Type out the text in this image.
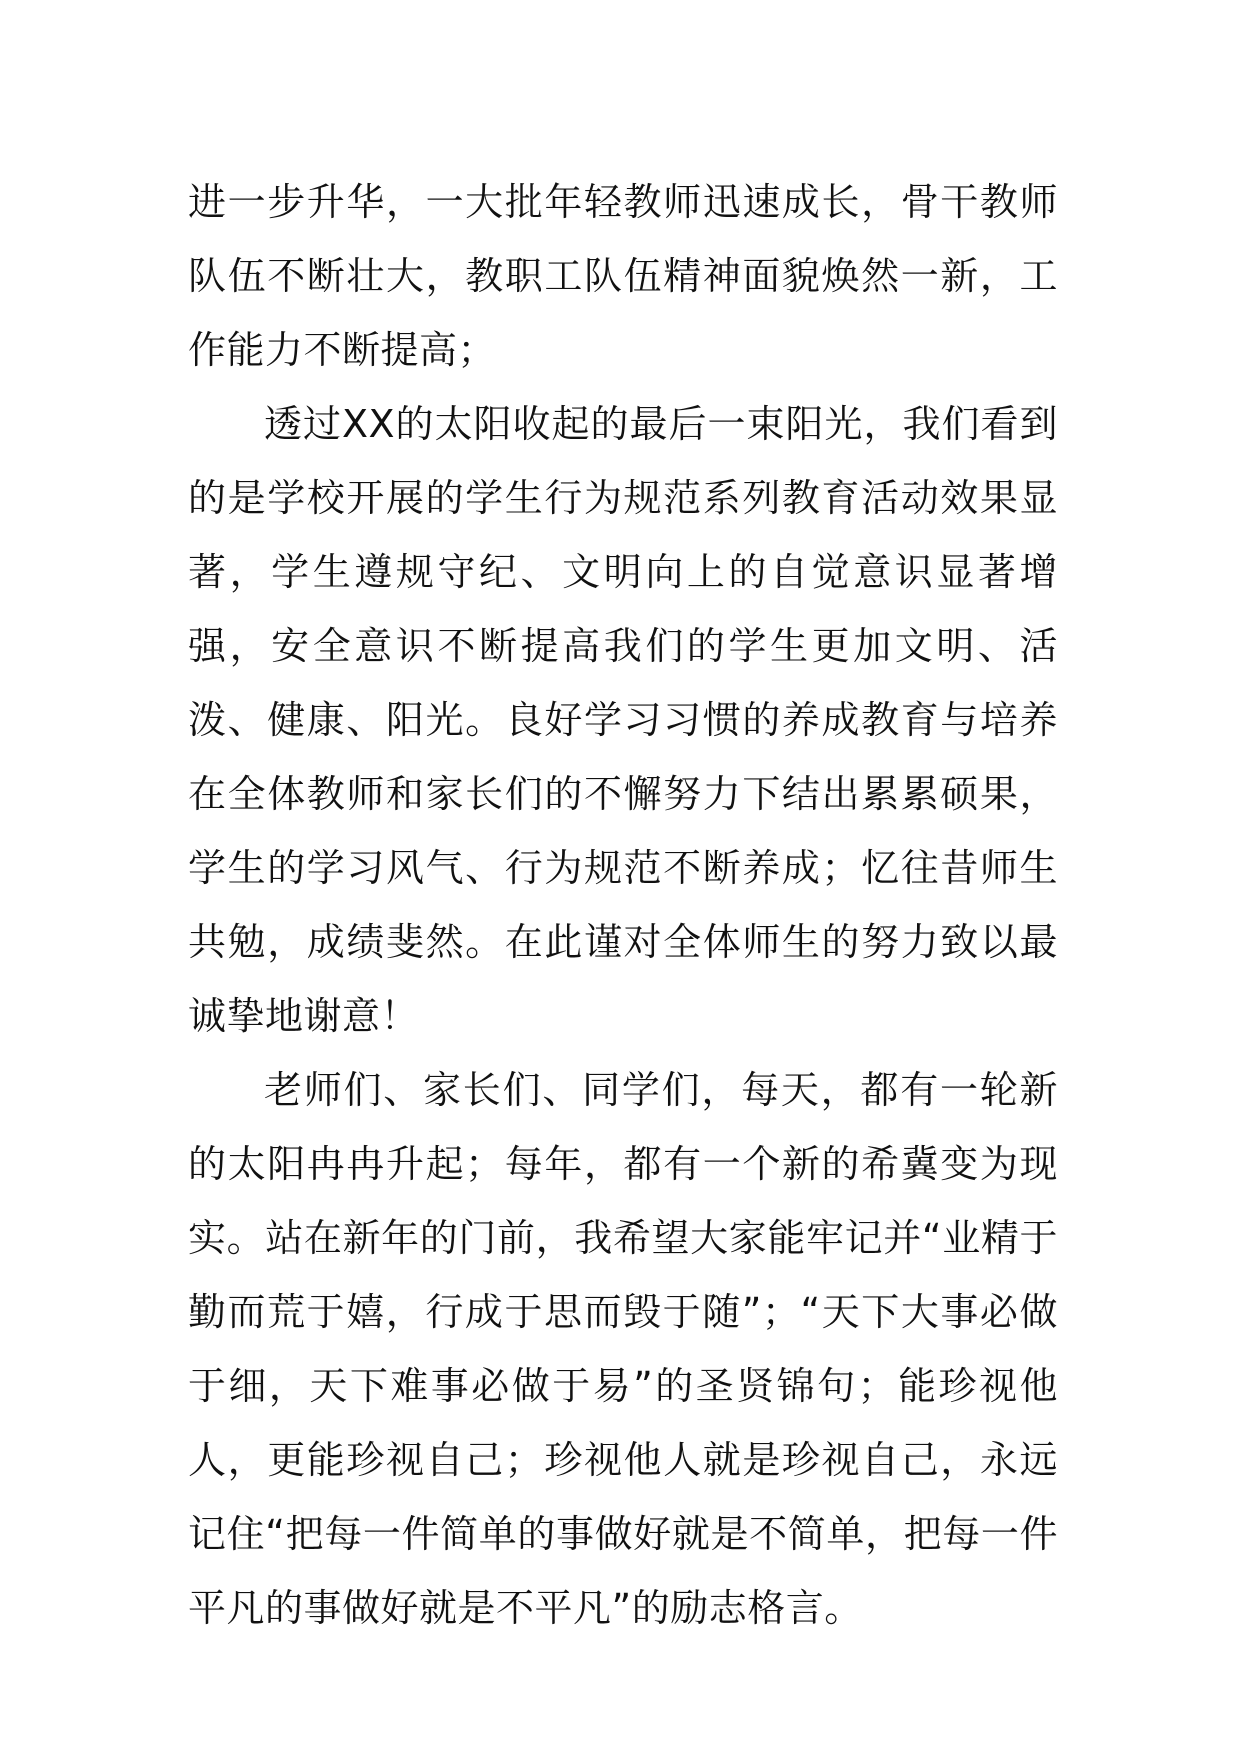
进一步升华，一大批年轻教师迅速成长，骨干教师队伍不断壮大，教职工队伍精神面貌焕然一新，工作能力不断提高；

透过XX的太阳收起的最后一束阳光，我们看到的是学校开展的学生行为规范系列教育活动效果显著，学生遵规守纪、文明向上的自觉意识显著增强，安全意识不断提高我们的学生更加文明、活泼、健康、阳光。良好学习习惯的养成教育与培养在全体教师和家长们的不懈努力下结出累累硕果，学生的学习风气、行为规范不断养成；忆往昔师生共勉，成绩斐然。在此谨对全体师生的努力致以最诚挚地谢意！

老师们、家长们、同学们，每天，都有一轮新的太阳冉冉升起；每年，都有一个新的希冀变为现实。站在新年的门前，我希望大家能牢记并“业精于勤而荒于嬉，行成于思而毁于随”；“天下大事必做于细，天下难事必做于易”的圣贤锦句；能珍视他人，更能珍视自己；珍视他人就是珍视自己，永远记住“把每一件简单的事做好就是不简单，把每一件平凡的事做好就是不平凡”的励志格言。
